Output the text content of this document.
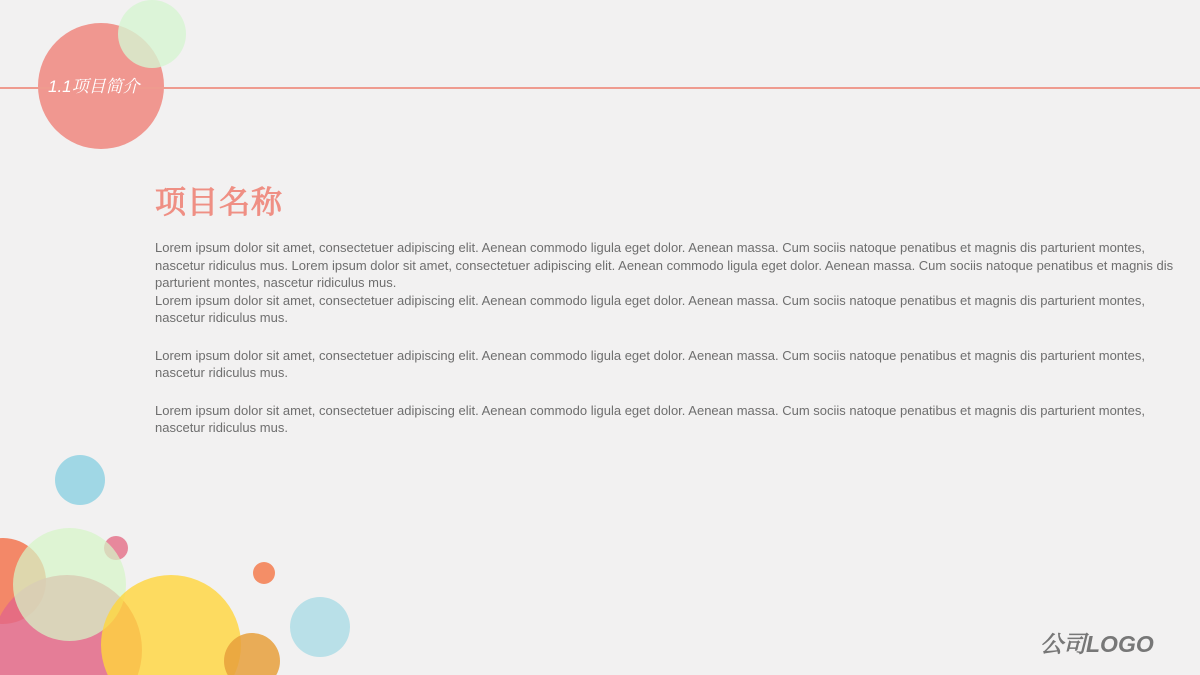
1.1项目简介
项目名称

Lorem ipsum dolor sit amet, consectetuer adipiscing elit. Aenean commodo ligula eget dolor. Aenean massa. Cum sociis natoque penatibus et magnis dis parturient montes, nascetur ridiculus mus. Lorem ipsum dolor sit amet, consectetuer adipiscing elit. Aenean commodo ligula eget dolor. Aenean massa. Cum sociis natoque penatibus et magnis dis parturient montes, nascetur ridiculus mus.

Lorem ipsum dolor sit amet, consectetuer adipiscing elit. Aenean commodo ligula eget dolor. Aenean massa. Cum sociis natoque penatibus et magnis dis parturient montes, nascetur ridiculus mus.

Lorem ipsum dolor sit amet, consectetuer adipiscing elit. Aenean commodo ligula eget dolor. Aenean massa. Cum sociis natoque penatibus et magnis dis parturient montes, nascetur ridiculus mus.

Lorem ipsum dolor sit amet, consectetuer adipiscing elit. Aenean commodo ligula eget dolor. Aenean massa. Cum sociis natoque penatibus et magnis dis parturient montes, nascetur ridiculus mus.

公司LOGO
